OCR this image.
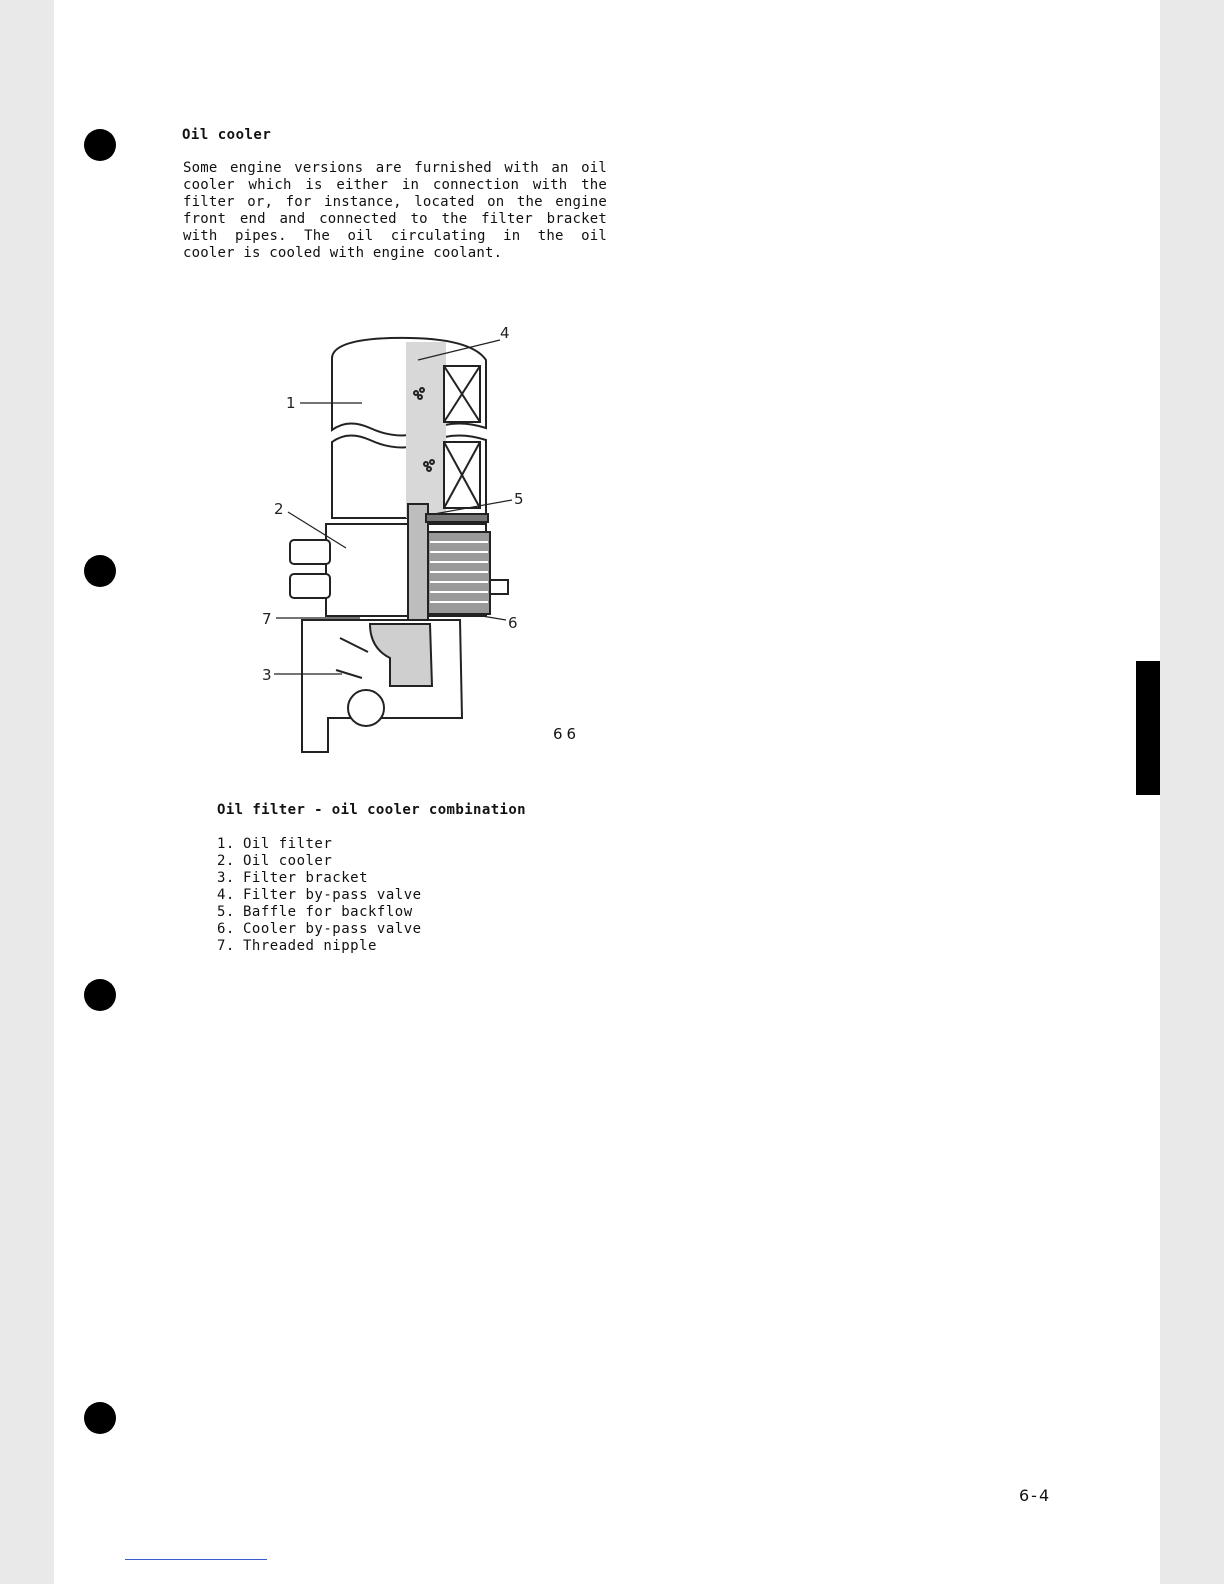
Oil cooler
Some engine versions are furnished with an oil
cooler which is either in connection with the
filter or, for instance, located on the engine
front end and connected to the filter bracket
with pipes. The oil circulating in the oil
cooler is cooled with engine coolant.
1
2
3
4
5
6
7
66
Oil filter - oil cooler combination
1. Oil filter
2. Oil cooler
3. Filter bracket
4. Filter by-pass valve
5. Baffle for backflow
6. Cooler by-pass valve
7. Threaded nipple
6-4
